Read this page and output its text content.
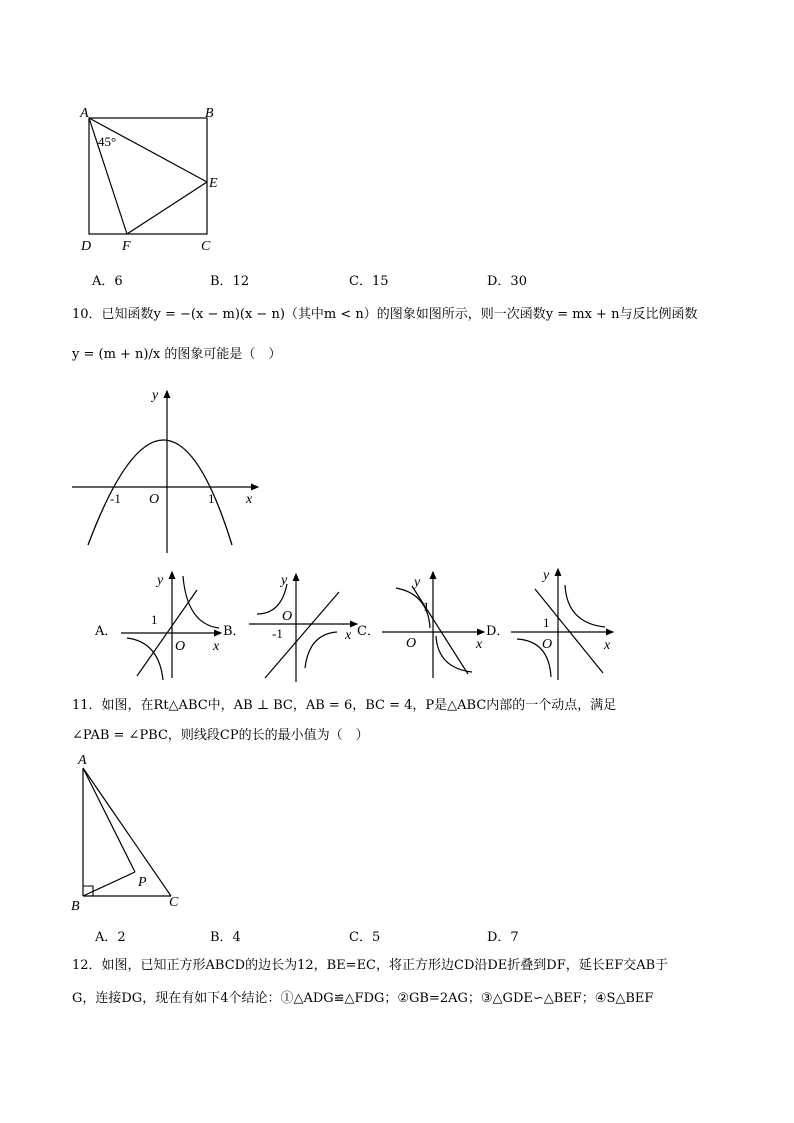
A	B
E
D F	C
45°
A．6	B．12	C．15	D．30
10．已知函数y = −(x − m)(x − n)（其中m < n）的图象如图所示，则一次函数y = mx + n与反比例函数
y = (m + n)/x 的图象可能是（　）
y
x
O
-1	1
A．	B．	C．	D．
y
1
O x
y
O
-1	x
y
1
O	x
y
1
O	x
11．如图，在Rt△ABC中，AB ⊥ BC，AB = 6，BC = 4，P是△ABC内部的一个动点，满足
∠PAB = ∠PBC，则线段CP的长的最小值为（　）
A
B	C
P
A．2	B．4	C．5	D．7
12．如图，已知正方形ABCD的边长为12，BE=EC，将正方形边CD沿DE折叠到DF，延长EF交AB于
G，连接DG，现在有如下4个结论：①△ADG≌△FDG；②GB=2AG；③△GDE∽△BEF；④S△BEF
